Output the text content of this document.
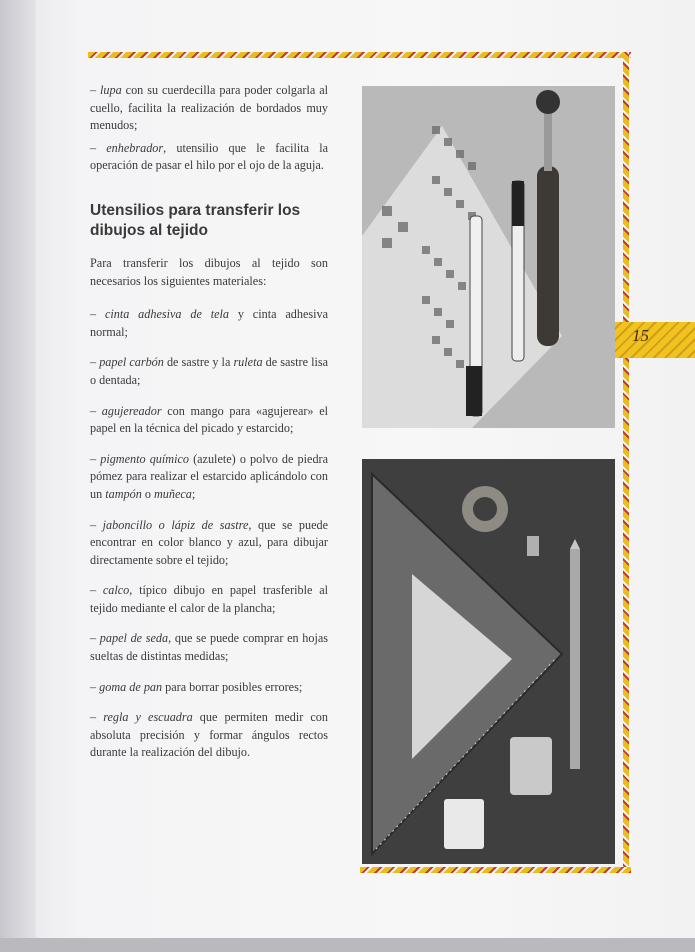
15

– lupa con su cuerdecilla para poder colgarla al cuello, facilita la realización de bordados muy menudos;

– enhebrador, utensilio que le facilita la operación de pasar el hilo por el ojo de la aguja.

Utensilios para transferir los dibujos al tejido

Para transferir los dibujos al tejido son necesarios los siguientes materiales:

– cinta adhesiva de tela y cinta adhesiva normal;

– papel carbón de sastre y la ruleta de sastre lisa o dentada;

– agujereador con mango para «agujerear» el papel en la técnica del picado y estarcido;

– pigmento químico (azulete) o polvo de piedra pómez para realizar el estarcido aplicándolo con un tampón o muñeca;

– jaboncillo o lápiz de sastre, que se puede encontrar en color blanco y azul, para dibujar directamente sobre el tejido;

– calco, típico dibujo en papel trasferible al tejido mediante el calor de la plancha;

– papel de seda, que se puede comprar en hojas sueltas de distintas medidas;

– goma de pan para borrar posibles errores;

– regla y escuadra que permiten medir con absoluta precisión y formar ángulos rectos durante la realización del dibujo.
